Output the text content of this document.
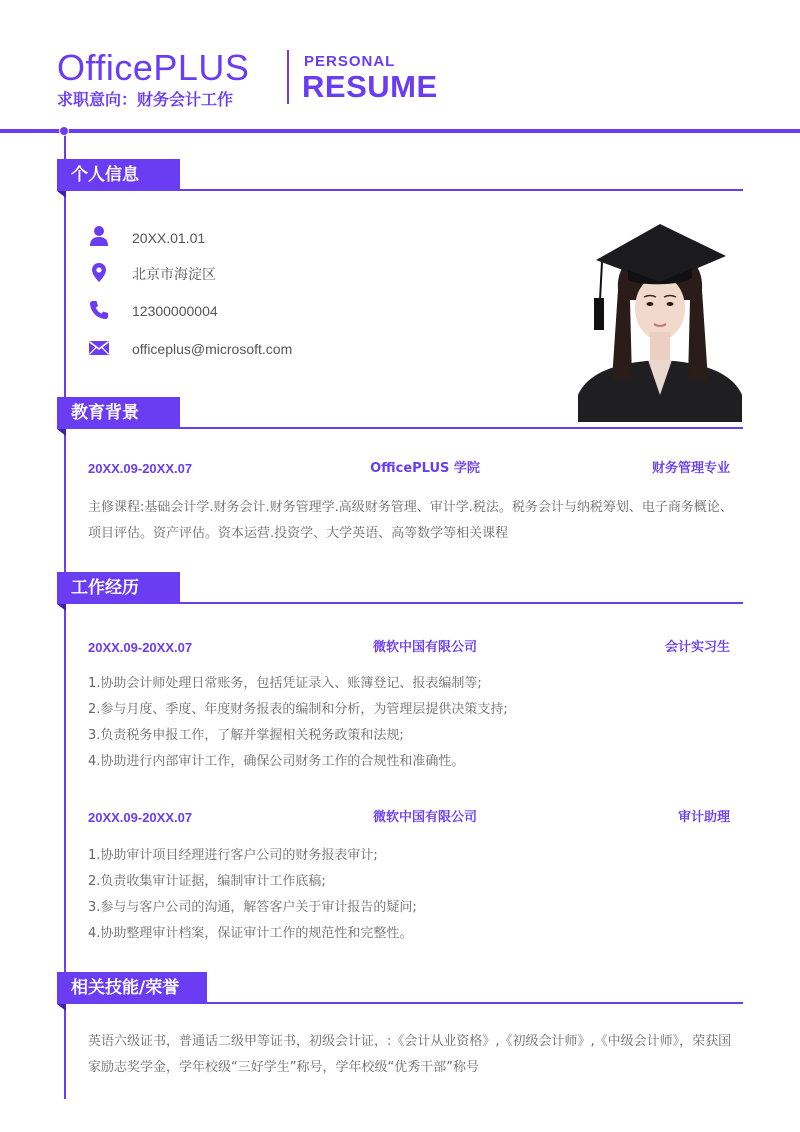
OfficePLUS
求职意向：财务会计工作
PERSONAL
RESUME
个人信息
20XX.01.01
北京市海淀区
12300000004
officeplus@microsoft.com
教育背景
20XX.09-20XX.07	OfficePLUS 学院	财务管理专业
主修课程:基础会计学.财务会计.财务管理学.高级财务管理、审计学.税法。税务会计与纳税筹划、电子商务概论、项目评估。资产评估。资本运营.投资学、大学英语、高等数学等相关课程
工作经历
20XX.09-20XX.07	微软中国有限公司	会计实习生
1.协助会计师处理日常账务，包括凭证录入、账簿登记、报表编制等;
2.参与月度、季度、年度财务报表的编制和分析，为管理层提供决策支持;
3.负责税务申报工作，了解并掌握相关税务政策和法规;
4.协助进行内部审计工作，确保公司财务工作的合规性和准确性。
20XX.09-20XX.07	微软中国有限公司	审计助理
1.协助审计项目经理进行客户公司的财务报表审计;
2.负责收集审计证据，编制审计工作底稿;
3.参与与客户公司的沟通，解答客户关于审计报告的疑问;
4.协助整理审计档案，保证审计工作的规范性和完整性。
相关技能/荣誉
英语六级证书，普通话二级甲等证书，初级会计证，:《会计从业资格》,《初级会计师》,《中级会计师》，荣获国家励志奖学金，学年校级“三好学生”称号，学年校级“优秀干部”称号
